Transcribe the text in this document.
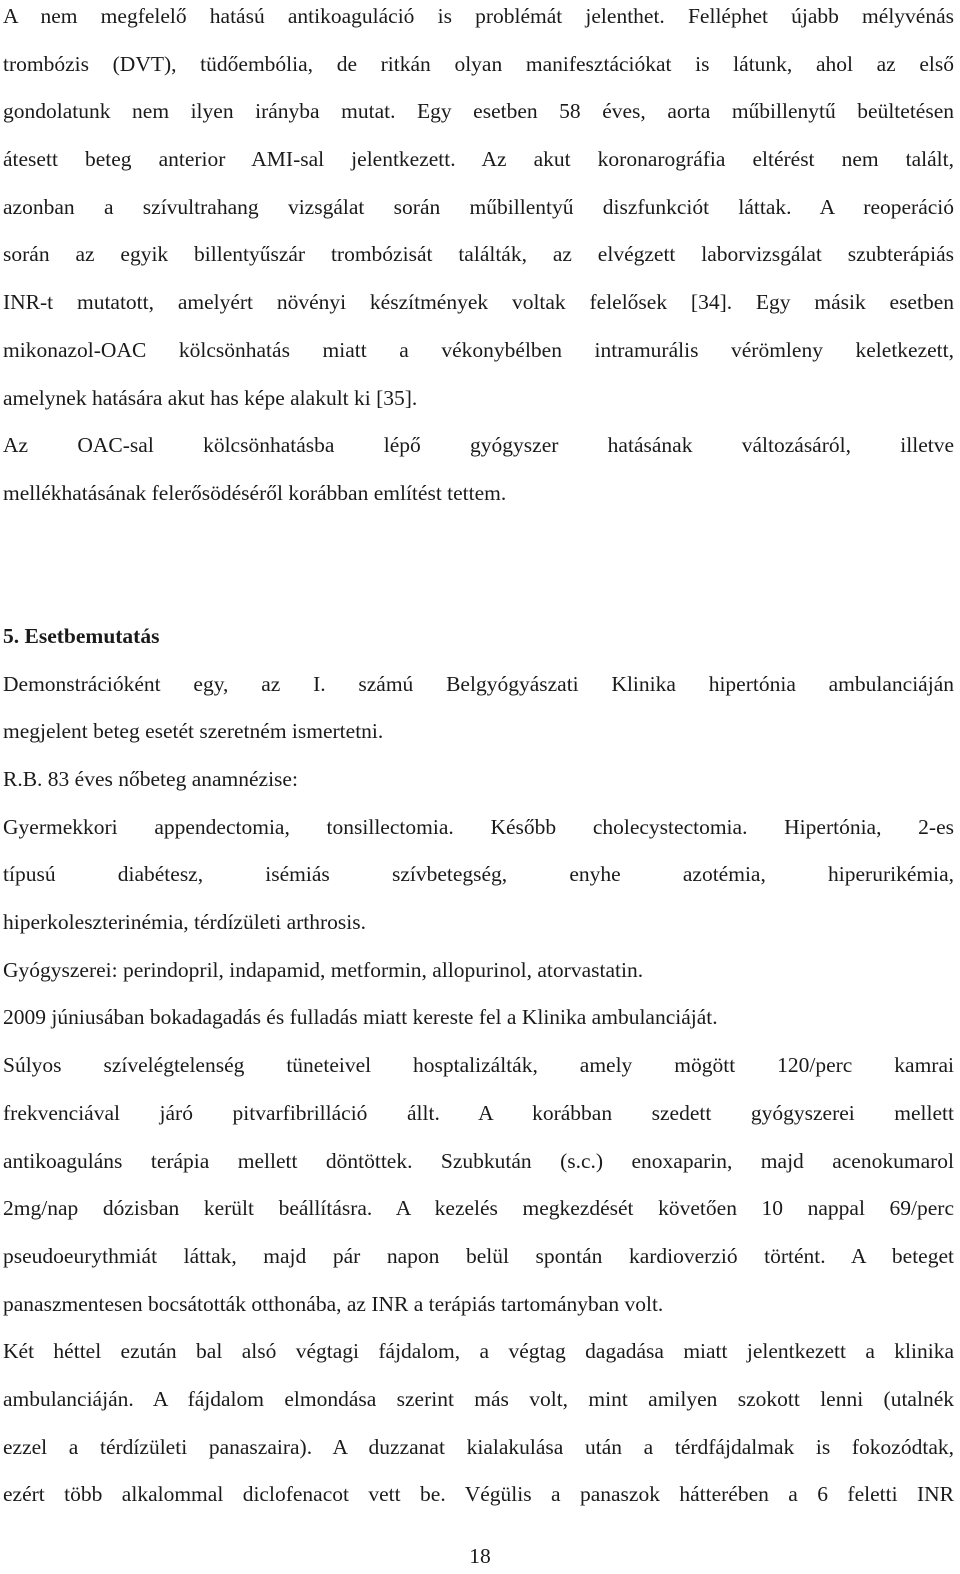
A nem megfelelő hatású antikoaguláció is problémát jelenthet. Felléphet újabb mélyvénás
trombózis (DVT), tüdőembólia, de ritkán olyan manifesztációkat is látunk, ahol az első
gondolatunk nem ilyen irányba mutat. Egy esetben 58 éves, aorta műbillenytű beültetésen
átesett beteg anterior AMI-sal jelentkezett. Az akut koronarográfia eltérést nem talált,
azonban a szívultrahang vizsgálat során műbillentyű diszfunkciót láttak. A reoperáció
során az egyik billentyűszár trombózisát találták, az elvégzett laborvizsgálat szubterápiás
INR-t mutatott, amelyért növényi készítmények voltak felelősek [34]. Egy másik esetben
mikonazol-OAC kölcsönhatás miatt a vékonybélben intramurális vérömleny keletkezett,
amelynek hatására akut has képe alakult ki [35].
Az OAC-sal kölcsönhatásba lépő gyógyszer hatásának változásáról, illetve
mellékhatásának felerősödéséről korábban említést tettem.
5. Esetbemutatás
Demonstrációként egy, az I. számú Belgyógyászati Klinika hipertónia ambulanciáján
megjelent beteg esetét szeretném ismertetni.
R.B. 83 éves nőbeteg anamnézise:
Gyermekkori appendectomia, tonsillectomia. Később cholecystectomia. Hipertónia, 2-es
típusú diabétesz, isémiás szívbetegség, enyhe azotémia, hiperurikémia,
hiperkoleszterinémia, térdízületi arthrosis.
Gyógyszerei: perindopril, indapamid, metformin, allopurinol, atorvastatin.
2009 júniusában bokadagadás és fulladás miatt kereste fel a Klinika ambulanciáját.
Súlyos szívelégtelenség tüneteivel hosptalizálták, amely mögött 120/perc kamrai
frekvenciával járó pitvarfibrilláció állt. A korábban szedett gyógyszerei mellett
antikoaguláns terápia mellett döntöttek. Szubkután (s.c.) enoxaparin, majd acenokumarol
2mg/nap dózisban került beállításra. A kezelés megkezdését követően 10 nappal 69/perc
pseudoeurythmiát láttak, majd pár napon belül spontán kardioverzió történt. A beteget
panaszmentesen bocsátották otthonába, az INR a terápiás tartományban volt.
Két héttel ezután bal alsó végtagi fájdalom, a végtag dagadása miatt jelentkezett a klinika
ambulanciáján. A fájdalom elmondása szerint más volt, mint amilyen szokott lenni (utalnék
ezzel a térdízületi panaszaira). A duzzanat kialakulása után a térdfájdalmak is fokozódtak,
ezért több alkalommal diclofenacot vett be. Végülis a panaszok hátterében a 6 feletti INR
18
